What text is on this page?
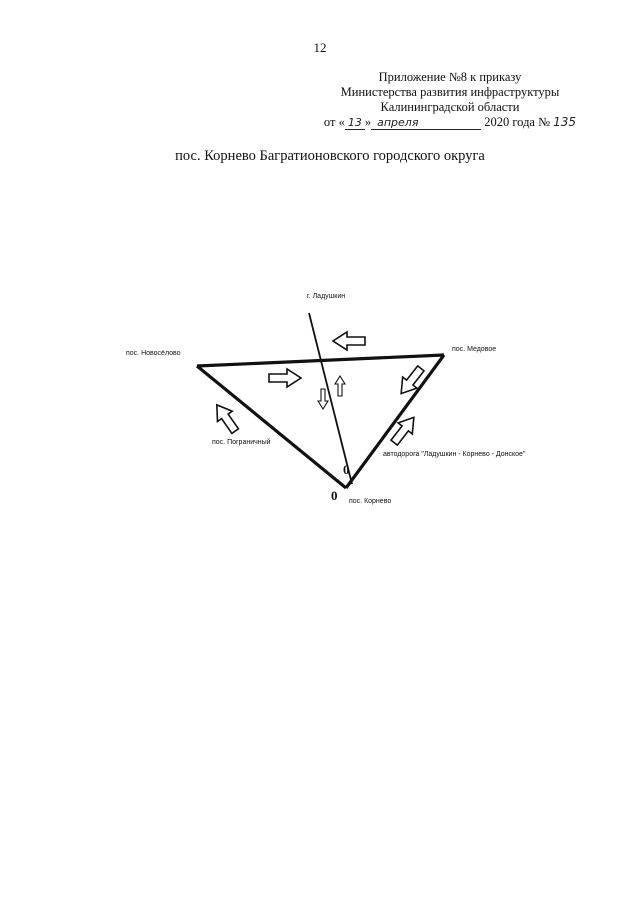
12
Приложение №8 к приказу
Министерства развития инфраструктуры
Калининградской области
от « 13 » апреля	2020 года № 135
пос. Корнево Багратионовского городского округа
0
0
г. Ладушкин
пос. Новосёлово
пос. Медовое
пос. Пограничный
автодорога "Ладушкин - Корнево - Донское"
пос. Корнево
